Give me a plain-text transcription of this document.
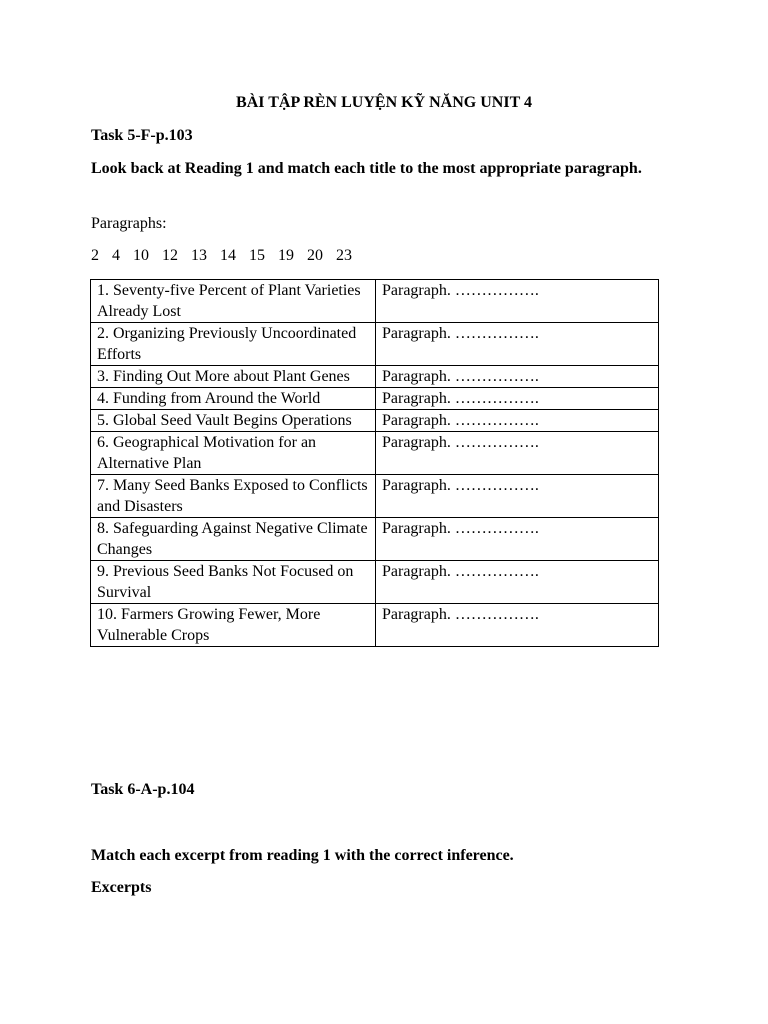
BÀI TẬP RÈN LUYỆN KỸ NĂNG UNIT 4
Task 5-F-p.103
Look back at Reading 1 and match each title to the most appropriate paragraph.
Paragraphs:
2 4 10 12 13 14 15 19 20 23
1. Seventy-five Percent of Plant Varieties Already Lost	Paragraph. …………….
2. Organizing Previously Uncoordinated Efforts	Paragraph. …………….
3. Finding Out More about Plant Genes	Paragraph. …………….
4. Funding from Around the World	Paragraph. …………….
5. Global Seed Vault Begins Operations	Paragraph. …………….
6. Geographical Motivation for an Alternative Plan	Paragraph. …………….
7. Many Seed Banks Exposed to Conflicts and Disasters	Paragraph. …………….
8. Safeguarding Against Negative Climate Changes	Paragraph. …………….
9. Previous Seed Banks Not Focused on Survival	Paragraph. …………….
10. Farmers Growing Fewer, More Vulnerable Crops	Paragraph. …………….
Task 6-A-p.104
Match each excerpt from reading 1 with the correct inference.
Excerpts
